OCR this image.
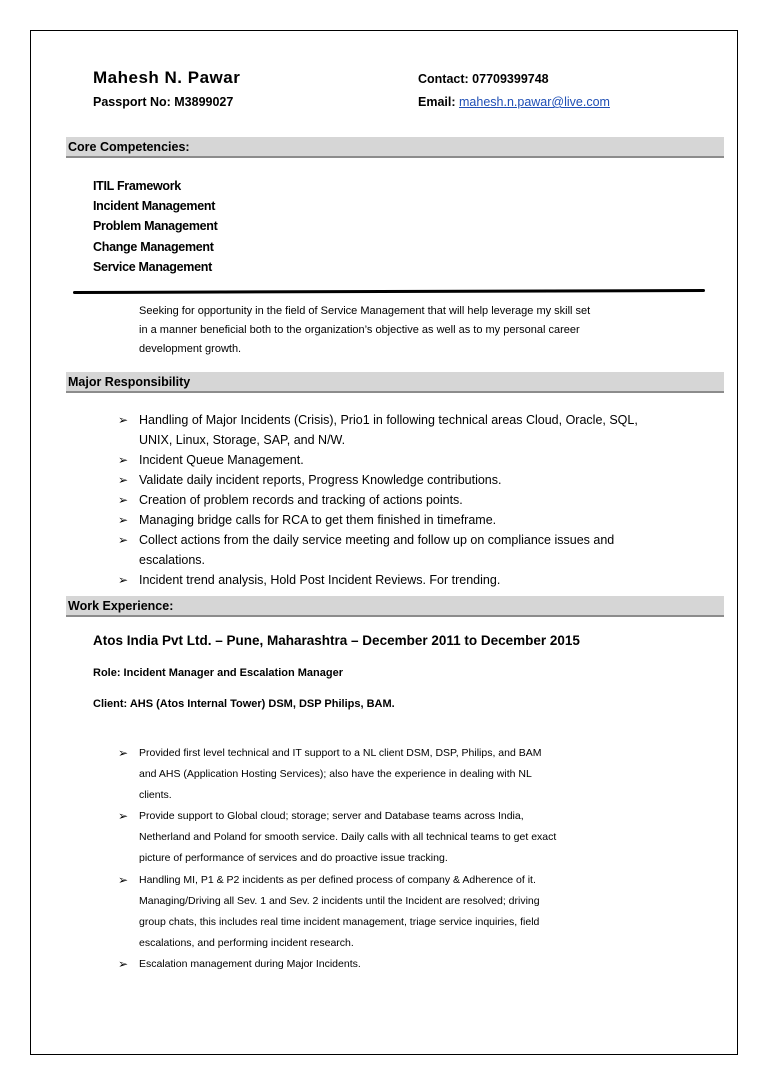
Mahesh N. Pawar
Passport No: M3899027
Contact: 07709399748
Email: mahesh.n.pawar@live.com
Core Competencies:
ITIL Framework
Incident Management
Problem Management
Change Management
Service Management
Seeking for opportunity in the field of Service Management that will help leverage my skill set
in a manner beneficial both to the organization’s objective as well as to my personal career
development growth.
Major Responsibility
➢ Handling of Major Incidents (Crisis), Prio1 in following technical areas Cloud, Oracle, SQL,
UNIX, Linux, Storage, SAP, and N/W.
➢ Incident Queue Management.
➢ Validate daily incident reports, Progress Knowledge contributions.
➢ Creation of problem records and tracking of actions points.
➢ Managing bridge calls for RCA to get them finished in timeframe.
➢ Collect actions from the daily service meeting and follow up on compliance issues and
escalations.
➢ Incident trend analysis, Hold Post Incident Reviews. For trending.
Work Experience:
Atos India Pvt Ltd. – Pune, Maharashtra – December 2011 to December 2015
Role: Incident Manager and Escalation Manager
Client: AHS (Atos Internal Tower) DSM, DSP Philips, BAM.
➢ Provided first level technical and IT support to a NL client DSM, DSP, Philips, and BAM
and AHS (Application Hosting Services); also have the experience in dealing with NL
clients.
➢ Provide support to Global cloud; storage; server and Database teams across India,
Netherland and Poland for smooth service. Daily calls with all technical teams to get exact
picture of performance of services and do proactive issue tracking.
➢ Handling MI, P1 & P2 incidents as per defined process of company & Adherence of it.
Managing/Driving all Sev. 1 and Sev. 2 incidents until the Incident are resolved; driving
group chats, this includes real time incident management, triage service inquiries, field
escalations, and performing incident research.
➢ Escalation management during Major Incidents.
